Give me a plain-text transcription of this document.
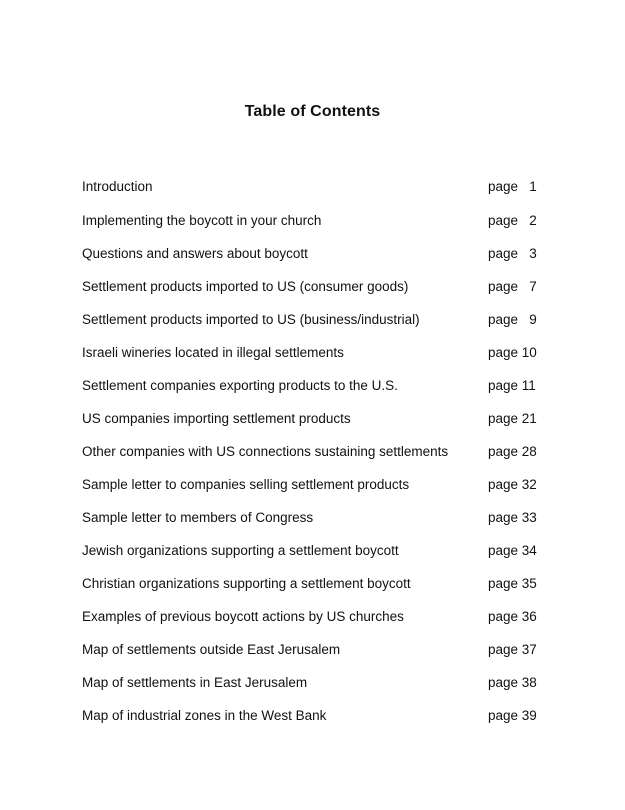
Table of Contents
Introduction	page   1
Implementing the boycott in your church	page   2
Questions and answers about boycott	page   3
Settlement products imported to US (consumer goods)	page   7
Settlement products imported to US (business/industrial)	page   9
Israeli wineries located in illegal settlements	page 10
Settlement companies exporting products to the U.S.	page 11
US companies importing settlement products	page 21
Other companies with US connections sustaining settlements	page 28
Sample letter to companies selling settlement products	page 32
Sample letter to members of Congress	page 33
Jewish organizations supporting a settlement boycott	page 34
Christian organizations supporting a settlement boycott	page 35
Examples of previous boycott actions by US churches	page 36
Map of settlements outside East Jerusalem	page 37
Map of settlements in East Jerusalem	page 38
Map of industrial zones in the West Bank	page 39
